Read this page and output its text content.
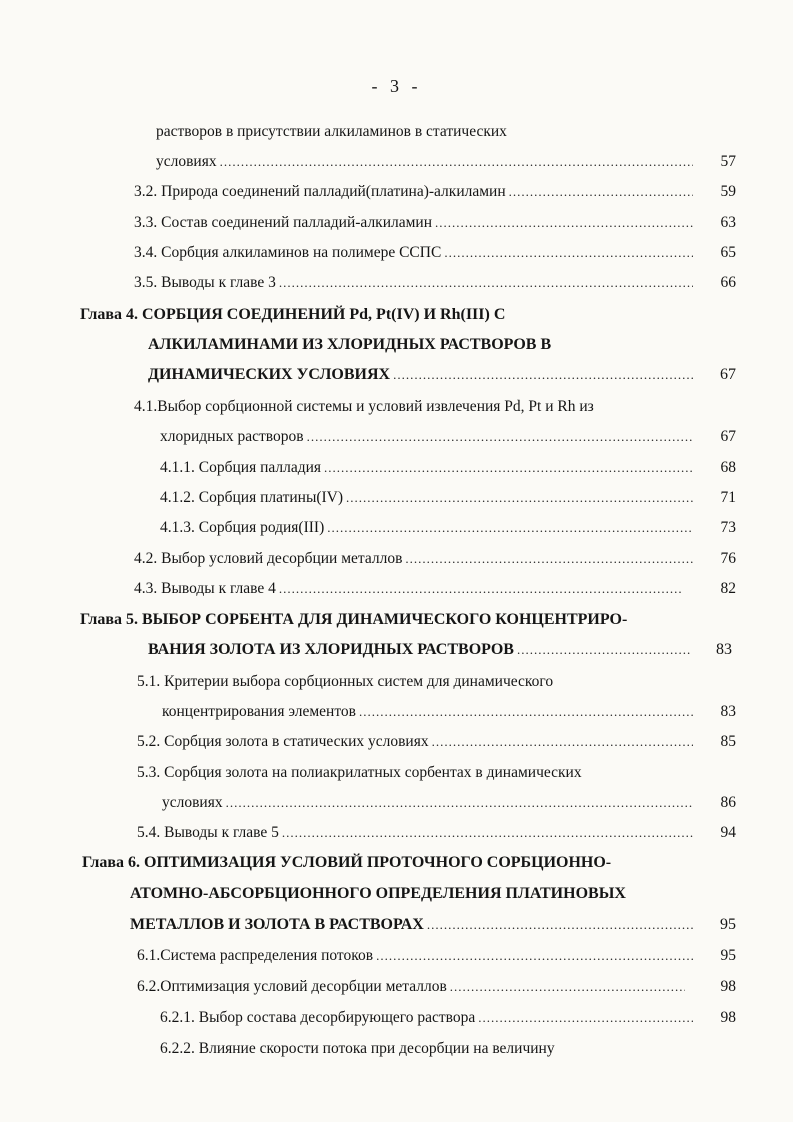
- 3 -
растворов в присутствии алкиламинов в статических
условиях .....	57
3.2. Природа соединений палладий(платина)-алкиламин .....	59
3.3. Состав соединений палладий-алкиламин .....	63
3.4. Сорбция алкиламинов на полимере ССПС .....	65
3.5. Выводы к главе 3 .....	66
Глава 4. СОРБЦИЯ СОЕДИНЕНИЙ Pd, Pt(IV) И Rh(III) C
АЛКИЛАМИНАМИ ИЗ ХЛОРИДНЫХ РАСТВОРОВ В
ДИНАМИЧЕСКИХ УСЛОВИЯХ .....	67
4.1.Выбор сорбционной системы и условий извлечения Pd, Pt и Rh из
хлоридных растворов .....	67
4.1.1. Сорбция палладия .....	68
4.1.2. Сорбция платины(IV) .....	71
4.1.3. Сорбция родия(III) .....	73
4.2. Выбор условий десорбции металлов .....	76
4.3. Выводы к главе 4 .....	82
Глава 5. ВЫБОР СОРБЕНТА ДЛЯ ДИНАМИЧЕСКОГО КОНЦЕНТРИРО-
ВАНИЯ ЗОЛОТА ИЗ ХЛОРИДНЫХ РАСТВОРОВ .....	83
5.1. Критерии выбора сорбционных систем для динамического
концентрирования элементов .....	83
5.2. Сорбция золота в статических условиях .....	85
5.3. Сорбция золота на полиакрилатных сорбентах в динамических
условиях .....	86
5.4. Выводы к главе 5 .....	94
Глава 6. ОПТИМИЗАЦИЯ УСЛОВИЙ ПРОТОЧНОГО СОРБЦИОННО-
АТОМНО-АБСОРБЦИОННОГО ОПРЕДЕЛЕНИЯ ПЛАТИНОВЫХ
МЕТАЛЛОВ И ЗОЛОТА В РАСТВОРАХ .....	95
6.1.Система распределения потоков .....	95
6.2.Оптимизация условий десорбции металлов .....	98
6.2.1. Выбор состава десорбирующего раствора .....	98
6.2.2. Влияние скорости потока при десорбции на величину
